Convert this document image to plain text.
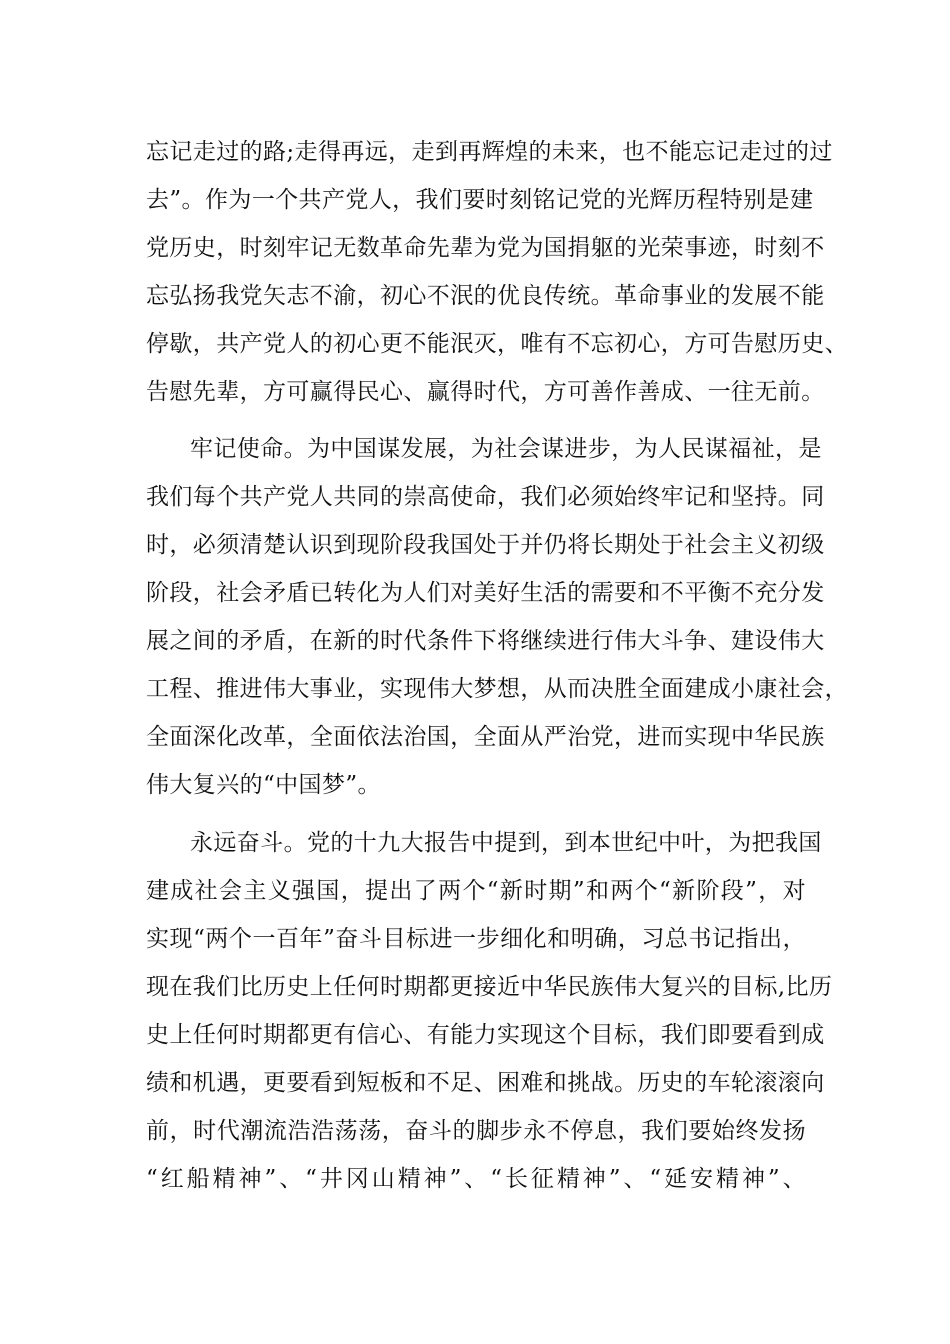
忘记走过的路;走得再远，走到再辉煌的未来，也不能忘记走过的过
去”。作为一个共产党人，我们要时刻铭记党的光辉历程特别是建
党历史，时刻牢记无数革命先辈为党为国捐躯的光荣事迹，时刻不
忘弘扬我党矢志不渝，初心不泯的优良传统。革命事业的发展不能
停歇，共产党人的初心更不能泯灭，唯有不忘初心，方可告慰历史、
告慰先辈，方可赢得民心、赢得时代，方可善作善成、一往无前。
牢记使命。为中国谋发展，为社会谋进步，为人民谋福祉，是
我们每个共产党人共同的崇高使命，我们必须始终牢记和坚持。同
时，必须清楚认识到现阶段我国处于并仍将长期处于社会主义初级
阶段，社会矛盾已转化为人们对美好生活的需要和不平衡不充分发
展之间的矛盾，在新的时代条件下将继续进行伟大斗争、建设伟大
工程、推进伟大事业，实现伟大梦想，从而决胜全面建成小康社会，
全面深化改革，全面依法治国，全面从严治党，进而实现中华民族
伟大复兴的“中国梦”。
永远奋斗。党的十九大报告中提到，到本世纪中叶，为把我国
建成社会主义强国，提出了两个“新时期”和两个“新阶段”，对
实现“两个一百年”奋斗目标进一步细化和明确，习总书记指出，
现在我们比历史上任何时期都更接近中华民族伟大复兴的目标,比历
史上任何时期都更有信心、有能力实现这个目标，我们即要看到成
绩和机遇，更要看到短板和不足、困难和挑战。历史的车轮滚滚向
前，时代潮流浩浩荡荡，奋斗的脚步永不停息，我们要始终发扬
“红船精神”、“井冈山精神”、“长征精神”、“延安精神”、
